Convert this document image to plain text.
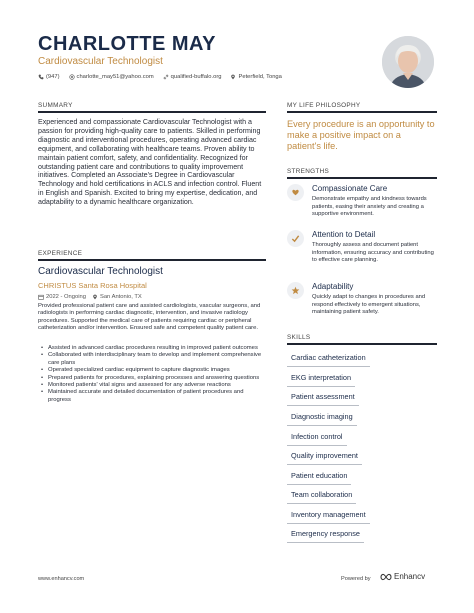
CHARLOTTE MAY
Cardiovascular Technologist
(947)	charlotte_may51@yahoo.com	qualified-buffalo.org	Peterfield, Tonga
SUMMARY
Experienced and compassionate Cardiovascular Technologist with a passion for providing high-quality care to patients. Skilled in performing diagnostic and interventional procedures, operating advanced cardiac equipment, and collaborating with healthcare teams. Proven ability to maintain patient comfort, safety, and confidentiality. Recognized for outstanding patient care and contributions to quality improvement initiatives. Completed an Associate's Degree in Cardiovascular Technology and hold certifications in ACLS and infection control. Fluent in English and Spanish. Excited to bring my expertise, dedication, and adaptability to a dynamic healthcare organization.
EXPERIENCE
Cardiovascular Technologist
CHRISTUS Santa Rosa Hospital
2022 - Ongoing San Antonio, TX
Provided professional patient care and assisted cardiologists, vascular surgeons, and radiologists in performing cardiac diagnostic, intervention, and invasive radiology procedures. Supported the medical care of patients requiring cardiac or peripheral catheterization and/or intervention. Ensured safe and competent quality patient care.
• Assisted in advanced cardiac procedures resulting in improved patient outcomes
• Collaborated with interdisciplinary team to develop and implement comprehensive care plans
• Operated specialized cardiac equipment to capture diagnostic images
• Prepared patients for procedures, explaining processes and answering questions
• Monitored patients' vital signs and assessed for any adverse reactions
• Maintained accurate and detailed documentation of patient procedures and progress
MY LIFE PHILOSOPHY
Every procedure is an opportunity to make a positive impact on a patient's life.
STRENGTHS
Compassionate Care
Demonstrate empathy and kindness towards patients, easing their anxiety and creating a supportive environment.
Attention to Detail
Thoroughly assess and document patient information, ensuring accuracy and contributing to effective care planning.
Adaptability
Quickly adapt to changes in procedures and respond effectively to emergent situations, maintaining patient safety.
SKILLS
Cardiac catheterization
EKG interpretation
Patient assessment
Diagnostic imaging
Infection control
Quality improvement
Patient education
Team collaboration
Inventory management
Emergency response
www.enhancv.com	Powered by	Enhancv
